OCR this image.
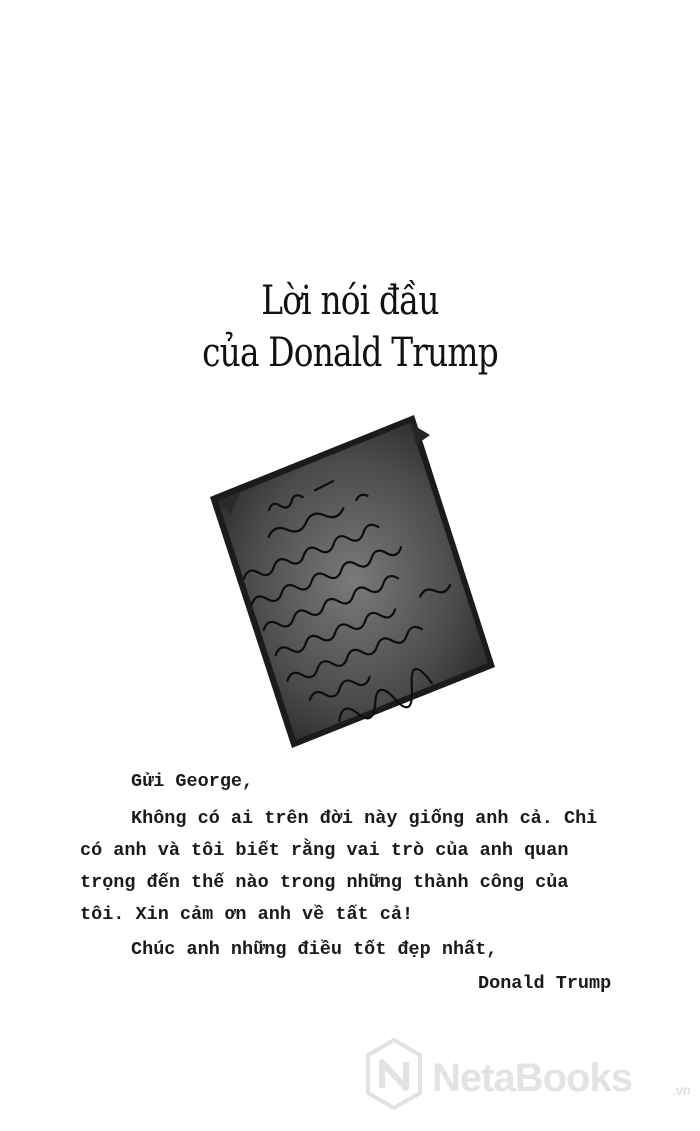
Lời nói đầu
của Donald Trump
Gửi George,
Không có ai trên đời này giống anh cả. Chỉ
có anh và tôi biết rằng vai trò của anh quan
trọng đến thế nào trong những thành công của
tôi. Xin cảm ơn anh về tất cả!
Chúc anh những điều tốt đẹp nhất,
Donald Trump
NetaBooks	.vn
